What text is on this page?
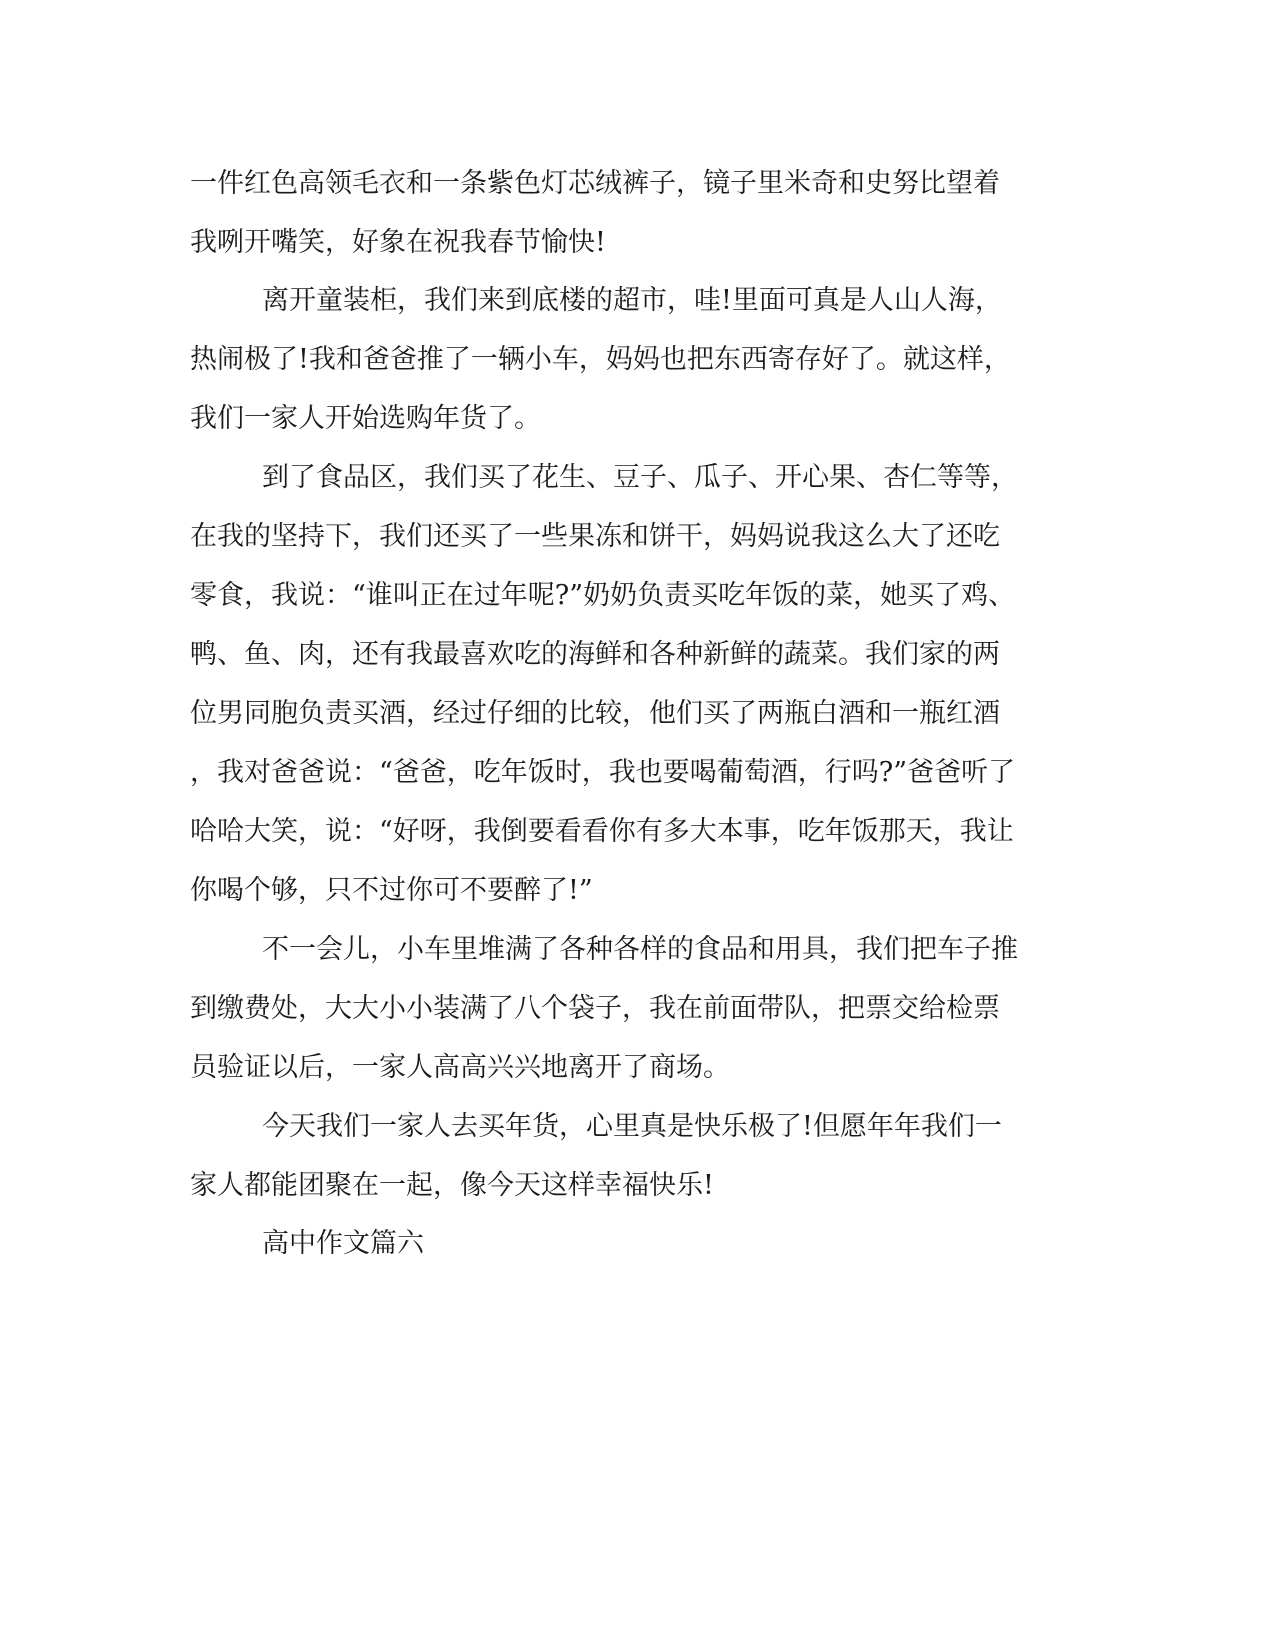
一件红色高领毛衣和一条紫色灯芯绒裤子，镜子里米奇和史努比望着
我咧开嘴笑，好象在祝我春节愉快!
离开童装柜，我们来到底楼的超市，哇!里面可真是人山人海，
热闹极了!我和爸爸推了一辆小车，妈妈也把东西寄存好了。就这样，
我们一家人开始选购年货了。
到了食品区，我们买了花生、豆子、瓜子、开心果、杏仁等等，
在我的坚持下，我们还买了一些果冻和饼干，妈妈说我这么大了还吃
零食，我说：“谁叫正在过年呢?”奶奶负责买吃年饭的菜，她买了鸡、
鸭、鱼、肉，还有我最喜欢吃的海鲜和各种新鲜的蔬菜。我们家的两
位男同胞负责买酒，经过仔细的比较，他们买了两瓶白酒和一瓶红酒
，我对爸爸说：“爸爸，吃年饭时，我也要喝葡萄酒，行吗?”爸爸听了
哈哈大笑，说：“好呀，我倒要看看你有多大本事，吃年饭那天，我让
你喝个够，只不过你可不要醉了!”
不一会儿，小车里堆满了各种各样的食品和用具，我们把车子推
到缴费处，大大小小装满了八个袋子，我在前面带队，把票交给检票
员验证以后，一家人高高兴兴地离开了商场。
今天我们一家人去买年货，心里真是快乐极了!但愿年年我们一
家人都能团聚在一起，像今天这样幸福快乐!
高中作文篇六
